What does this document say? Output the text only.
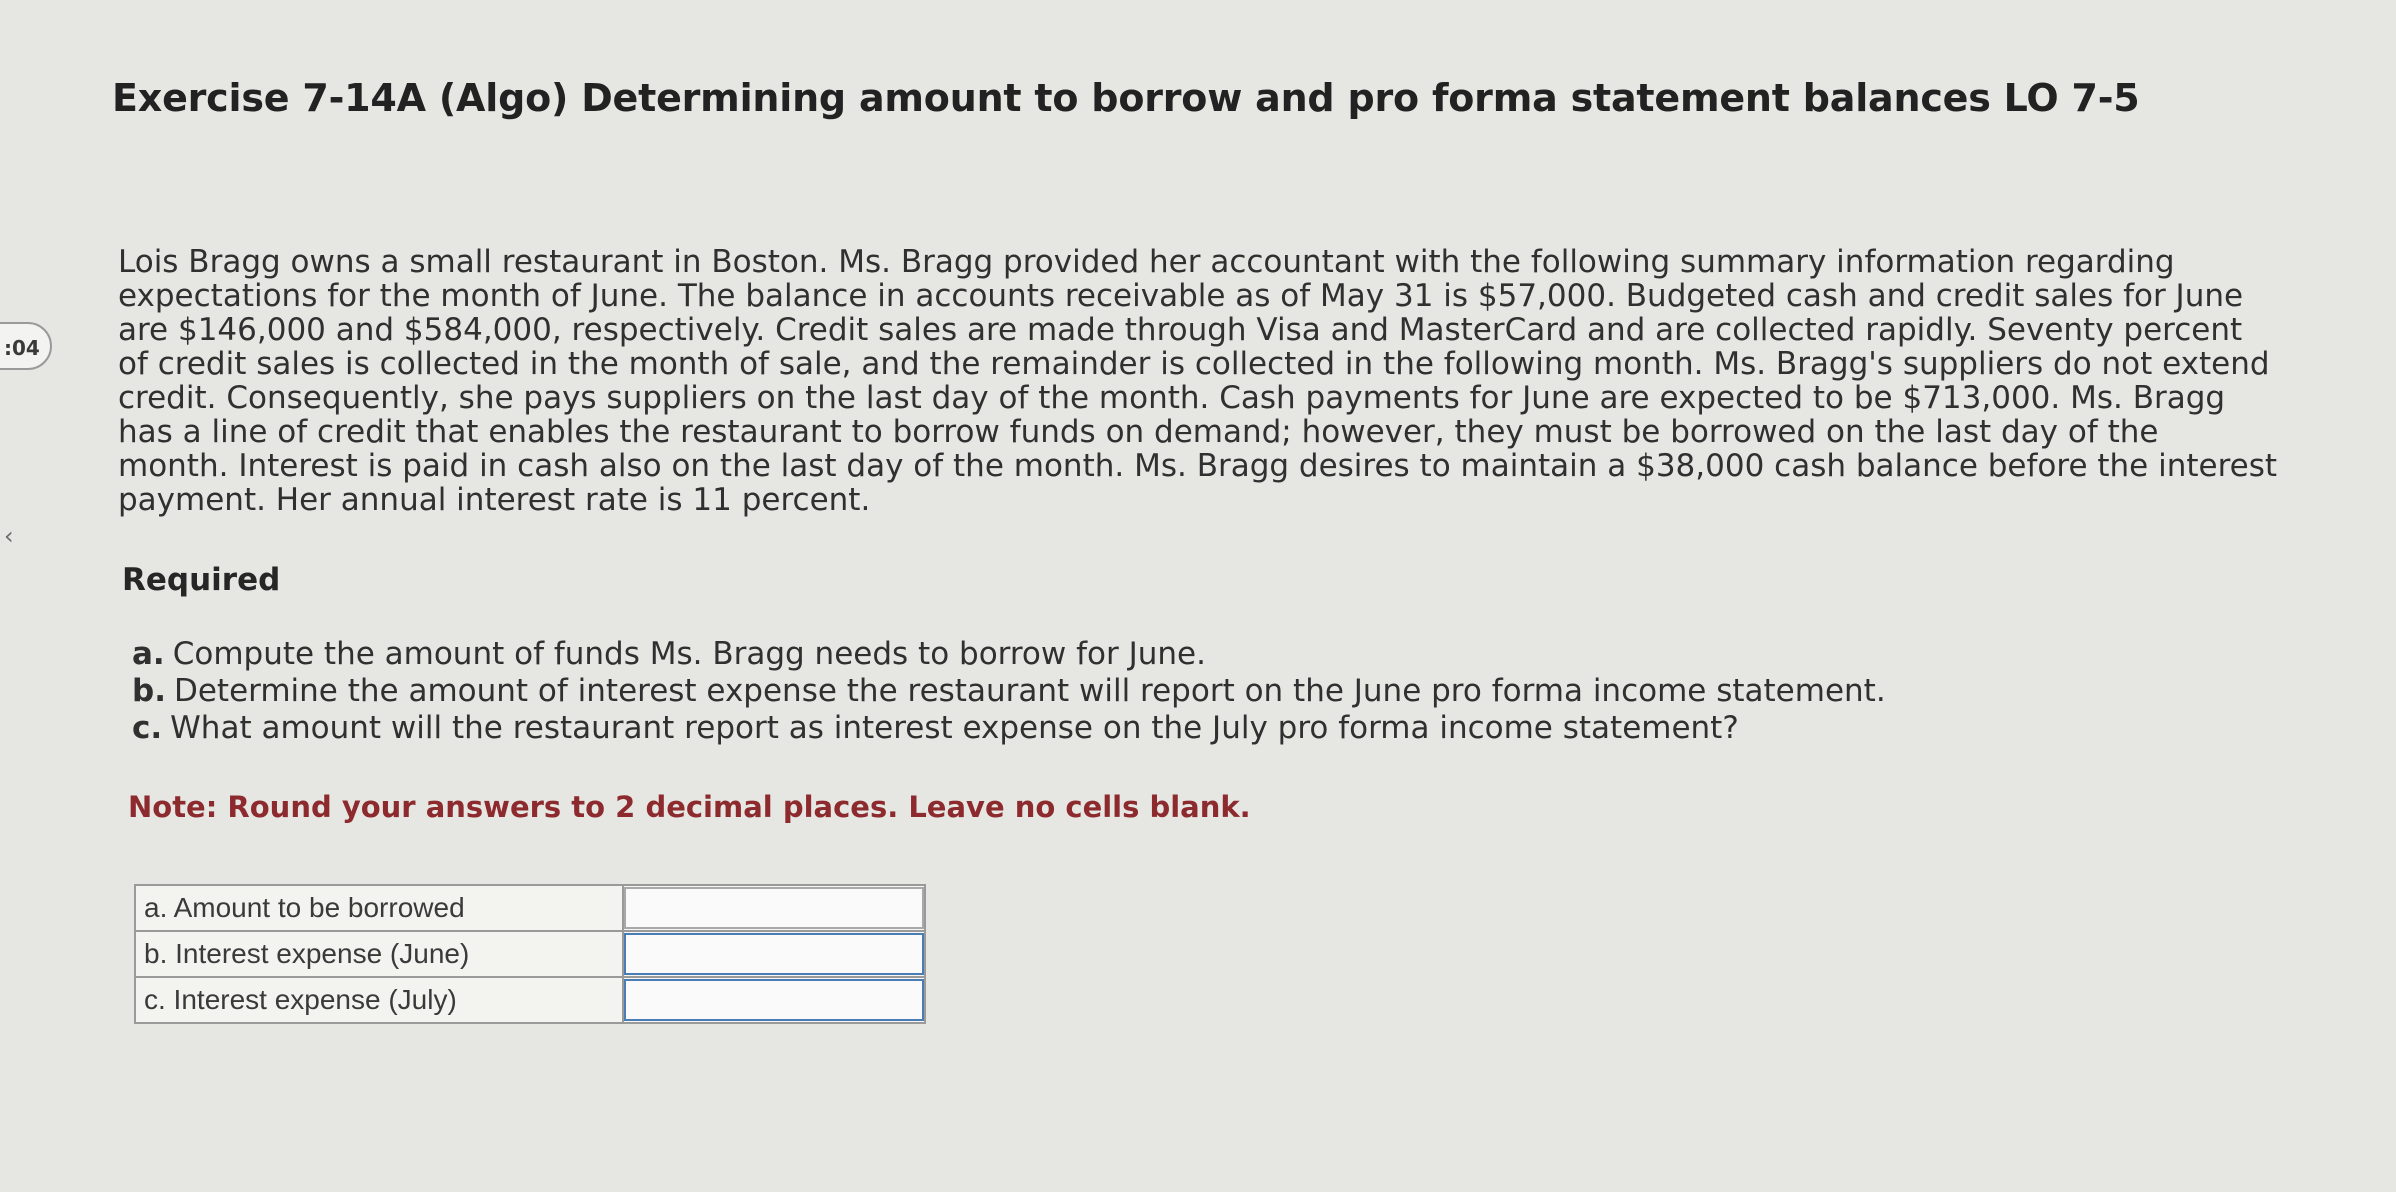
:04
‹
Exercise 7-14A (Algo) Determining amount to borrow and pro forma statement balances LO 7-5

Lois Bragg owns a small restaurant in Boston. Ms. Bragg provided her accountant with the following summary information regarding expectations for the month of June. The balance in accounts receivable as of May 31 is $57,000. Budgeted cash and credit sales for June are $146,000 and $584,000, respectively. Credit sales are made through Visa and MasterCard and are collected rapidly. Seventy percent of credit sales is collected in the month of sale, and the remainder is collected in the following month. Ms. Bragg's suppliers do not extend credit. Consequently, she pays suppliers on the last day of the month. Cash payments for June are expected to be $713,000. Ms. Bragg has a line of credit that enables the restaurant to borrow funds on demand; however, they must be borrowed on the last day of the month. Interest is paid in cash also on the last day of the month. Ms. Bragg desires to maintain a $38,000 cash balance before the interest payment. Her annual interest rate is 11 percent.

Required
a. Compute the amount of funds Ms. Bragg needs to borrow for June.
b. Determine the amount of interest expense the restaurant will report on the June pro forma income statement.
c. What amount will the restaurant report as interest expense on the July pro forma income statement?
Note: Round your answers to 2 decimal places. Leave no cells blank.
a. Amount to be borrowed	
b. Interest expense (June)	
c. Interest expense (July)	
